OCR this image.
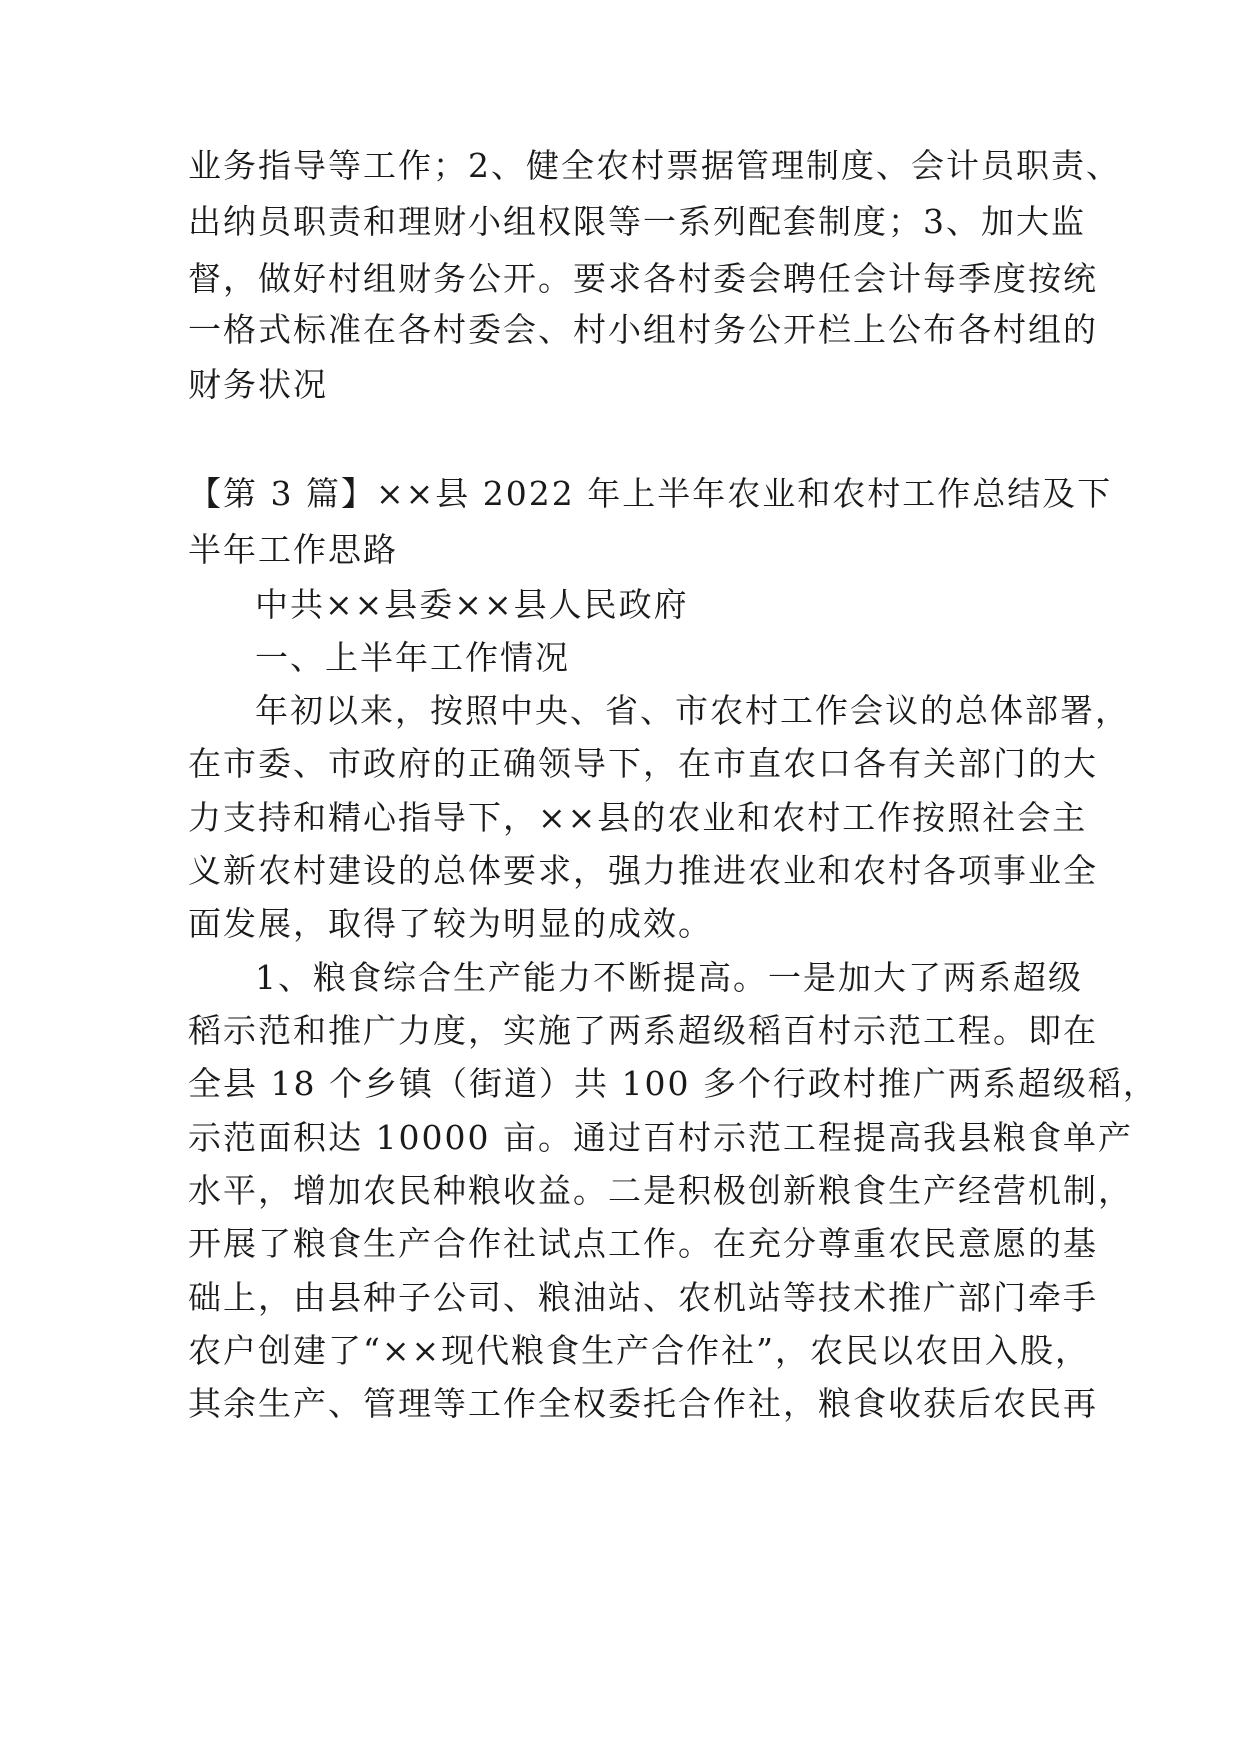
业务指导等工作；2、健全农村票据管理制度、会计员职责、
出纳员职责和理财小组权限等一系列配套制度；3、加大监
督，做好村组财务公开。要求各村委会聘任会计每季度按统
一格式标准在各村委会、村小组村务公开栏上公布各村组的
财务状况
【第 3 篇】××县 2022 年上半年农业和农村工作总结及下
半年工作思路
中共××县委××县人民政府
一、上半年工作情况
年初以来，按照中央、省、市农村工作会议的总体部署，
在市委、市政府的正确领导下，在市直农口各有关部门的大
力支持和精心指导下，××县的农业和农村工作按照社会主
义新农村建设的总体要求，强力推进农业和农村各项事业全
面发展，取得了较为明显的成效。
1、粮食综合生产能力不断提高。一是加大了两系超级
稻示范和推广力度，实施了两系超级稻百村示范工程。即在
全县 18 个乡镇（街道）共 100 多个行政村推广两系超级稻，
示范面积达 10000 亩。通过百村示范工程提高我县粮食单产
水平，增加农民种粮收益。二是积极创新粮食生产经营机制，
开展了粮食生产合作社试点工作。在充分尊重农民意愿的基
础上，由县种子公司、粮油站、农机站等技术推广部门牵手
农户创建了“××现代粮食生产合作社”，农民以农田入股，
其余生产、管理等工作全权委托合作社，粮食收获后农民再
